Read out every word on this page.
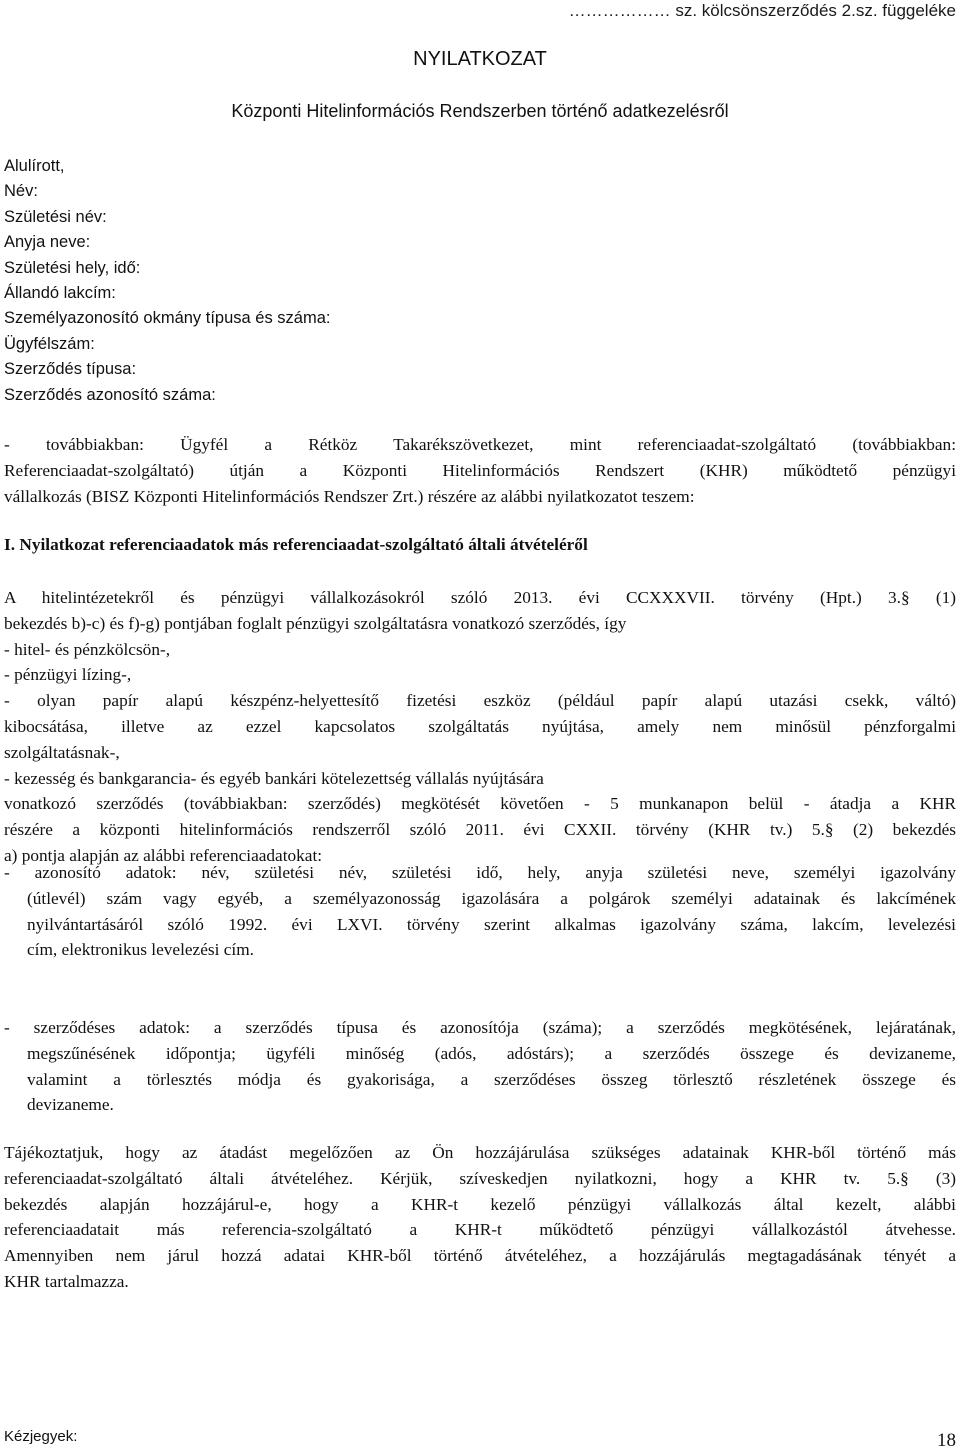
……………… sz. kölcsönszerződés 2.sz. függeléke
NYILATKOZAT
Központi Hitelinformációs Rendszerben történő adatkezelésről
Alulírott,
Név:
Születési név:
Anyja neve:
Születési hely, idő:
Állandó lakcím:
Személyazonosító okmány típusa és száma:
Ügyfélszám:
Szerződés típusa:
Szerződés azonosító száma:
- továbbiakban: Ügyfél a Rétköz Takarékszövetkezet, mint referenciaadat-szolgáltató (továbbiakban:
Referenciaadat-szolgáltató) útján a Központi Hitelinformációs Rendszert (KHR) működtető pénzügyi
vállalkozás (BISZ Központi Hitelinformációs Rendszer Zrt.) részére az alábbi nyilatkozatot teszem:
I. Nyilatkozat referenciaadatok más referenciaadat-szolgáltató általi átvételéről
A hitelintézetekről és pénzügyi vállalkozásokról szóló 2013. évi CCXXXVII. törvény (Hpt.) 3.§ (1)
bekezdés b)-c) és f)-g) pontjában foglalt pénzügyi szolgáltatásra vonatkozó szerződés, így
- hitel- és pénzkölcsön-,
- pénzügyi lízing-,
- olyan papír alapú készpénz-helyettesítő fizetési eszköz (például papír alapú utazási csekk, váltó)
kibocsátása, illetve az ezzel kapcsolatos szolgáltatás nyújtása, amely nem minősül pénzforgalmi
szolgáltatásnak-,
- kezesség és bankgarancia- és egyéb bankári kötelezettség vállalás nyújtására
vonatkozó szerződés (továbbiakban: szerződés) megkötését követően - 5 munkanapon belül - átadja a KHR
részére a központi hitelinformációs rendszerről szóló 2011. évi CXXII. törvény (KHR tv.) 5.§ (2) bekezdés
a) pontja alapján az alábbi referenciaadatokat:
- azonosító adatok: név, születési név, születési idő, hely, anyja születési neve, személyi igazolvány
(útlevél) szám vagy egyéb, a személyazonosság igazolására a polgárok személyi adatainak és lakcímének
nyilvántartásáról szóló 1992. évi LXVI. törvény szerint alkalmas igazolvány száma, lakcím, levelezési
cím, elektronikus levelezési cím.
- szerződéses adatok: a szerződés típusa és azonosítója (száma); a szerződés megkötésének, lejáratának,
megszűnésének időpontja; ügyféli minőség (adós, adóstárs); a szerződés összege és devizaneme,
valamint a törlesztés módja és gyakorisága, a szerződéses összeg törlesztő részletének összege és
devizaneme.
Tájékoztatjuk, hogy az átadást megelőzően az Ön hozzájárulása szükséges adatainak KHR-ből történő más
referenciaadat-szolgáltató általi átvételéhez. Kérjük, szíveskedjen nyilatkozni, hogy a KHR tv. 5.§ (3)
bekezdés alapján hozzájárul-e, hogy a KHR-t kezelő pénzügyi vállalkozás által kezelt, alábbi
referenciaadatait más referencia-szolgáltató a KHR-t működtető pénzügyi vállalkozástól átvehesse.
Amennyiben nem járul hozzá adatai KHR-ből történő átvételéhez, a hozzájárulás megtagadásának tényét a
KHR tartalmazza.
Kézjegyek:	18
